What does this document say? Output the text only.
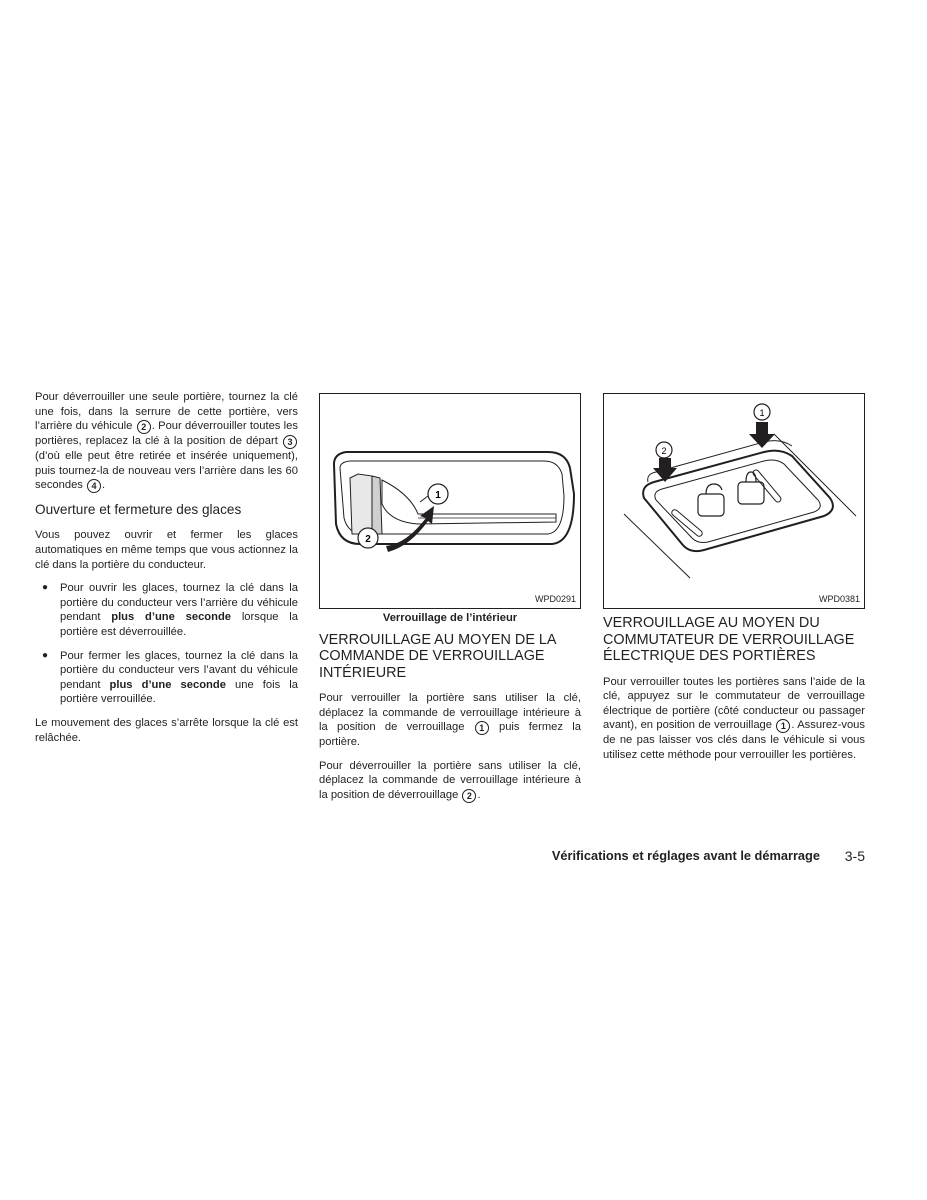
Pour déverrouiller une seule portière, tournez la clé une fois, dans la serrure de cette portière, vers l’arrière du véhicule 2 . Pour déverrouiller toutes les portières, replacez la clé à la position de départ 3 (d’où elle peut être retirée et insérée uniquement), puis tournez-la de nouveau vers l’arrière dans les 60 secondes 4 .

Ouverture et fermeture des glaces

Vous pouvez ouvrir et fermer les glaces automatiques en même temps que vous actionnez la clé dans la portière du conducteur.

● Pour ouvrir les glaces, tournez la clé dans la portière du conducteur vers l’arrière du véhicule pendant plus d’une seconde lorsque la portière est déverrouillée.
● Pour fermer les glaces, tournez la clé dans la portière du conducteur vers l’avant du véhicule pendant plus d’une seconde une fois la portière verrouillée.

Le mouvement des glaces s’arrête lorsque la clé est relâchée.

1
2
WPD0291
Verrouillage de l’intérieur
VERROUILLAGE AU MOYEN DE LA COMMANDE DE VERROUILLAGE INTÉRIEURE

Pour verrouiller la portière sans utiliser la clé, déplacez la commande de verrouillage intérieure à la position de verrouillage 1 puis fermez la portière.

Pour déverrouiller la portière sans utiliser la clé, déplacez la commande de verrouillage intérieure à la position de déverrouillage 2 .

1
2
WPD0381
VERROUILLAGE AU MOYEN DU COMMUTATEUR DE VERROUILLAGE ÉLECTRIQUE DES PORTIÈRES

Pour verrouiller toutes les portières sans l’aide de la clé, appuyez sur le commutateur de verrouillage électrique de portière (côté conducteur ou passager avant), en position de verrouillage 1 . Assurez-vous de ne pas laisser vos clés dans le véhicule si vous utilisez cette méthode pour verrouiller les portières.

Vérifications et réglages avant le démarrage 3-5
